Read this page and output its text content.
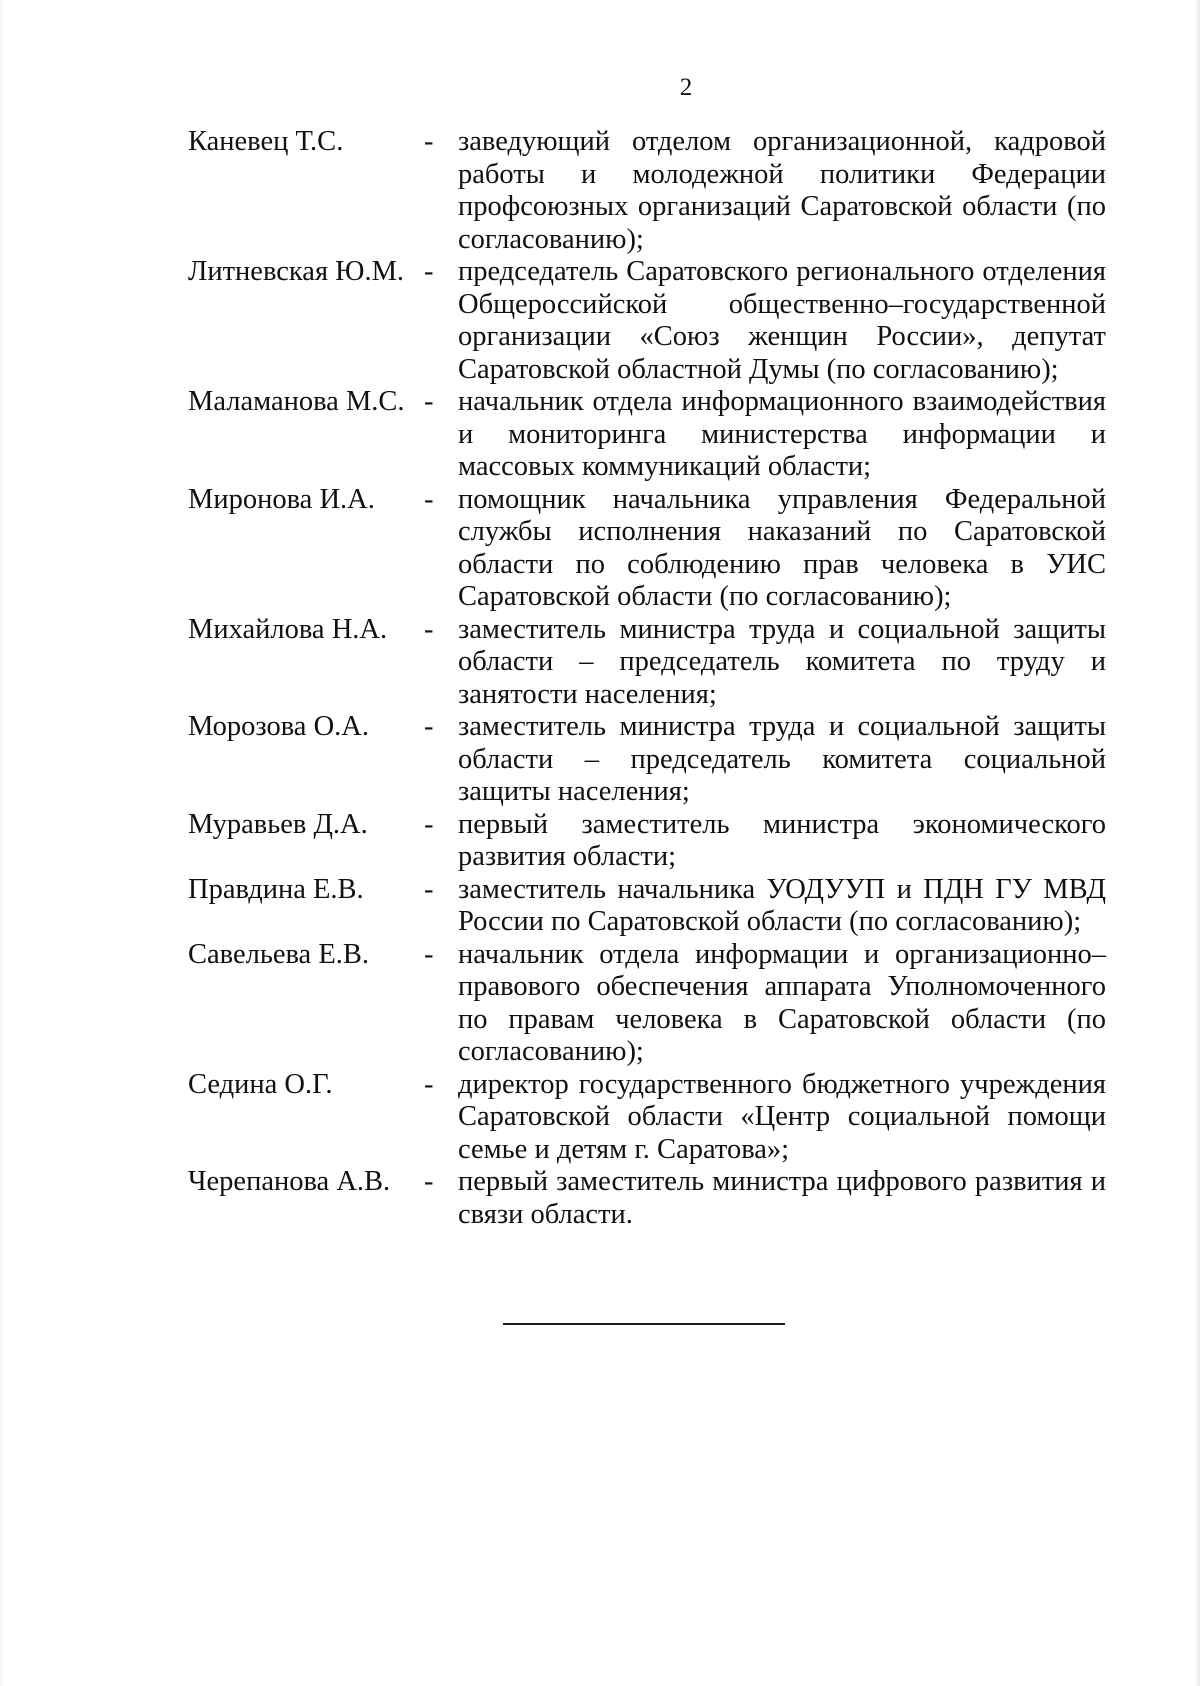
2
Каневец Т.С.	- заведующий отделом организационной, кадровой работы и молодежной политики Федерации профсоюзных организаций Саратовской области (по согласованию);
Литневская Ю.М. - председатель Саратовского регионального отделения Общероссийской общественно–государственной организации «Союз женщин России», депутат Саратовской областной Думы (по согласованию);
Маламанова М.С. - начальник отдела информационного взаимодействия и мониторинга министерства информации и массовых коммуникаций области;
Миронова И.А.	- помощник начальника управления Федеральной службы исполнения наказаний по Саратовской области по соблюдению прав человека в УИС Саратовской области (по согласованию);
Михайлова Н.А.	- заместитель министра труда и социальной защиты области – председатель комитета по труду и занятости населения;
Морозова О.А.	- заместитель министра труда и социальной защиты области – председатель комитета социальной защиты населения;
Муравьев Д.А.	- первый заместитель министра экономического развития области;
Правдина Е.В.	- заместитель начальника УОДУУП и ПДН ГУ МВД России по Саратовской области (по согласованию);
Савельева Е.В.	- начальник отдела информации и организационно–правового обеспечения аппарата Уполномоченного по правам человека в Саратовской области (по согласованию);
Седина О.Г.	- директор государственного бюджетного учреждения Саратовской области «Центр социальной помощи семье и детям г. Саратова»;
Черепанова А.В.	- первый заместитель министра цифрового развития и связи области.
